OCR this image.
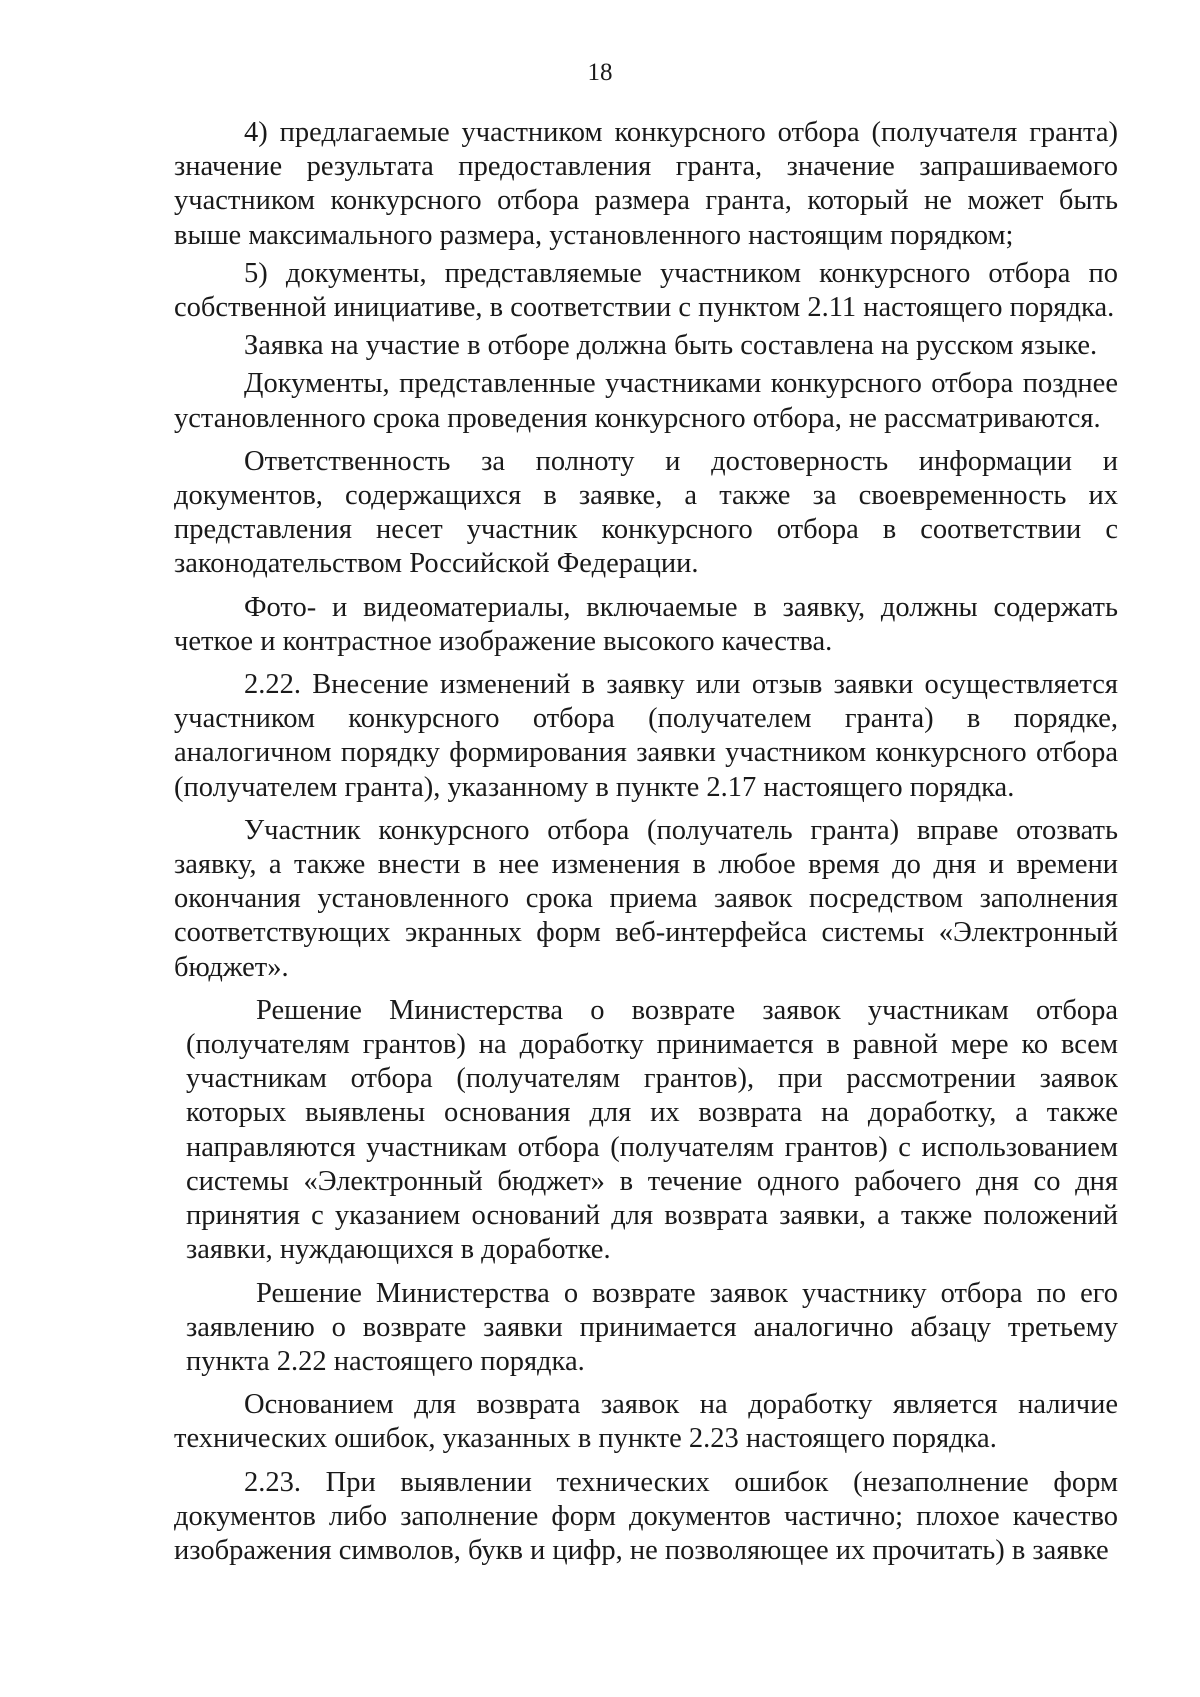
18

4) предлагаемые участником конкурсного отбора (получателя гранта) значение результата предоставления гранта, значение запрашиваемого участником конкурсного отбора размера гранта, который не может быть выше максимального размера, установленного настоящим порядком;

5) документы, представляемые участником конкурсного отбора по собственной инициативе, в соответствии с пунктом 2.11 настоящего порядка.

Заявка на участие в отборе должна быть составлена на русском языке.

Документы, представленные участниками конкурсного отбора позднее установленного срока проведения конкурсного отбора, не рассматриваются.

Ответственность за полноту и достоверность информации и документов, содержащихся в заявке, а также за своевременность их представления несет участник конкурсного отбора в соответствии с законодательством Российской Федерации.

Фото- и видеоматериалы, включаемые в заявку, должны содержать четкое и контрастное изображение высокого качества.

2.22. Внесение изменений в заявку или отзыв заявки осуществляется участником конкурсного отбора (получателем гранта) в порядке, аналогичном порядку формирования заявки участником конкурсного отбора (получателем гранта), указанному в пункте 2.17 настоящего порядка.

Участник конкурсного отбора (получатель гранта) вправе отозвать заявку, а также внести в нее изменения в любое время до дня и времени окончания установленного срока приема заявок посредством заполнения соответствующих экранных форм веб-интерфейса системы «Электронный бюджет».

Решение Министерства о возврате заявок участникам отбора (получателям грантов) на доработку принимается в равной мере ко всем участникам отбора (получателям грантов), при рассмотрении заявок которых выявлены основания для их возврата на доработку, а также направляются участникам отбора (получателям грантов) с использованием системы «Электронный бюджет» в течение одного рабочего дня со дня принятия с указанием оснований для возврата заявки, а также положений заявки, нуждающихся в доработке.

Решение Министерства о возврате заявок участнику отбора по его заявлению о возврате заявки принимается аналогично абзацу третьему пункта 2.22 настоящего порядка.

Основанием для возврата заявок на доработку является наличие технических ошибок, указанных в пункте 2.23 настоящего порядка.

2.23. При выявлении технических ошибок (незаполнение форм документов либо заполнение форм документов частично; плохое качество изображения символов, букв и цифр, не позволяющее их прочитать) в заявке
